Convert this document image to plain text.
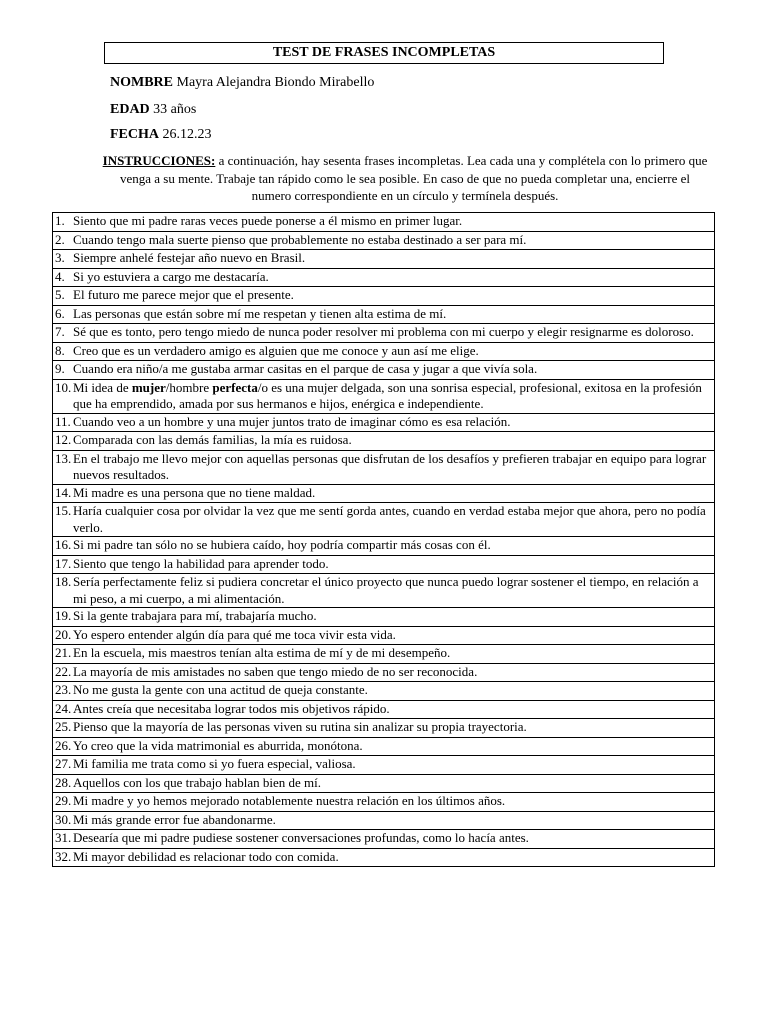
TEST DE FRASES INCOMPLETAS
NOMBRE Mayra Alejandra Biondo Mirabello
EDAD 33 años
FECHA 26.12.23
INSTRUCCIONES: a continuación, hay sesenta frases incompletas. Lea cada una y complétela con lo primero que venga a su mente. Trabaje tan rápido como le sea posible. En caso de que no pueda completar una, encierre el numero correspondiente en un círculo y termínela después.
1. Siento que mi padre raras veces puede ponerse a él mismo en primer lugar.
2. Cuando tengo mala suerte pienso que probablemente no estaba destinado a ser para mí.
3. Siempre anhelé festejar año nuevo en Brasil.
4. Si yo estuviera a cargo me destacaría.
5. El futuro me parece mejor que el presente.
6. Las personas que están sobre mí me respetan y tienen alta estima de mí.
7. Sé que es tonto, pero tengo miedo de nunca poder resolver mi problema con mi cuerpo y elegir resignarme es doloroso.
8. Creo que es un verdadero amigo es alguien que me conoce y aun así me elige.
9. Cuando era niño/a me gustaba armar casitas en el parque de casa y jugar a que vivía sola.
10. Mi idea de mujer/hombre perfecta/o es una mujer delgada, son una sonrisa especial, profesional, exitosa en la profesión que ha emprendido, amada por sus hermanos e hijos, enérgica e independiente.
11. Cuando veo a un hombre y una mujer juntos trato de imaginar cómo es esa relación.
12. Comparada con las demás familias, la mía es ruidosa.
13. En el trabajo me llevo mejor con aquellas personas que disfrutan de los desafíos y prefieren trabajar en equipo para lograr nuevos resultados.
14. Mi madre es una persona que no tiene maldad.
15. Haría cualquier cosa por olvidar la vez que me sentí gorda antes, cuando en verdad estaba mejor que ahora, pero no podía verlo.
16. Si mi padre tan sólo no se hubiera caído, hoy podría compartir más cosas con él.
17. Siento que tengo la habilidad para aprender todo.
18. Sería perfectamente feliz si pudiera concretar el único proyecto que nunca puedo lograr sostener el tiempo, en relación a mi peso, a mi cuerpo, a mi alimentación.
19. Si la gente trabajara para mí, trabajaría mucho.
20. Yo espero entender algún día para qué me toca vivir esta vida.
21. En la escuela, mis maestros tenían alta estima de mí y de mi desempeño.
22. La mayoría de mis amistades no saben que tengo miedo de no ser reconocida.
23. No me gusta la gente con una actitud de queja constante.
24. Antes creía que necesitaba lograr todos mis objetivos rápido.
25. Pienso que la mayoría de las personas viven su rutina sin analizar su propia trayectoria.
26. Yo creo que la vida matrimonial es aburrida, monótona.
27. Mi familia me trata como si yo fuera especial, valiosa.
28. Aquellos con los que trabajo hablan bien de mí.
29. Mi madre y yo hemos mejorado notablemente nuestra relación en los últimos años.
30. Mi más grande error fue abandonarme.
31. Desearía que mi padre pudiese sostener conversaciones profundas, como lo hacía antes.
32. Mi mayor debilidad es relacionar todo con comida.
